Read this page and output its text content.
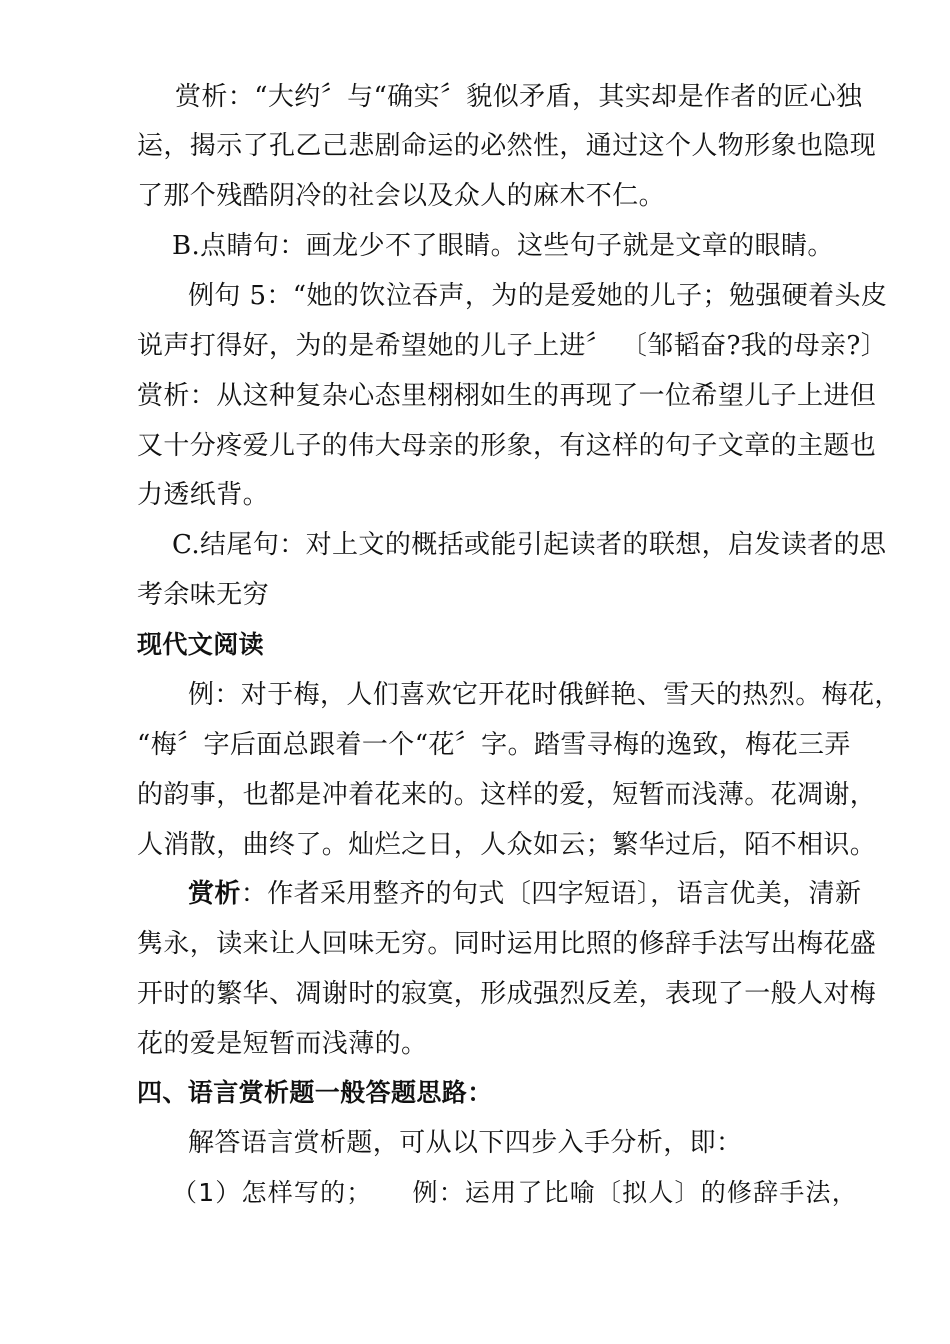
赏析：“大约〞与“确实〞貌似矛盾，其实却是作者的匠心独
运，揭示了孔乙己悲剧命运的必然性，通过这个人物形象也隐现
了那个残酷阴冷的社会以及众人的麻木不仁。
B.点睛句：画龙少不了眼睛。这些句子就是文章的眼睛。
例句 5：“她的饮泣吞声，为的是爱她的儿子；勉强硬着头皮
说声打得好，为的是希望她的儿子上进〞 〔邹韬奋?我的母亲?〕
赏析：从这种复杂心态里栩栩如生的再现了一位希望儿子上进但
又十分疼爱儿子的伟大母亲的形象，有这样的句子文章的主题也
力透纸背。
C.结尾句：对上文的概括或能引起读者的联想，启发读者的思
考余味无穷
现代文阅读
例：对于梅，人们喜欢它开花时俄鲜艳、雪天的热烈。梅花，
“梅〞字后面总跟着一个“花〞字。踏雪寻梅的逸致，梅花三弄
的韵事，也都是冲着花来的。这样的爱，短暂而浅薄。花凋谢，
人消散，曲终了。灿烂之日，人众如云；繁华过后，陌不相识。
赏析：作者采用整齐的句式〔四字短语〕，语言优美，清新
隽永，读来让人回味无穷。同时运用比照的修辞手法写出梅花盛
开时的繁华、凋谢时的寂寞，形成强烈反差，表现了一般人对梅
花的爱是短暂而浅薄的。
四、语言赏析题一般答题思路：
解答语言赏析题，可从以下四步入手分析，即：
（1）怎样写的； 例：运用了比喻〔拟人〕的修辞手法，
